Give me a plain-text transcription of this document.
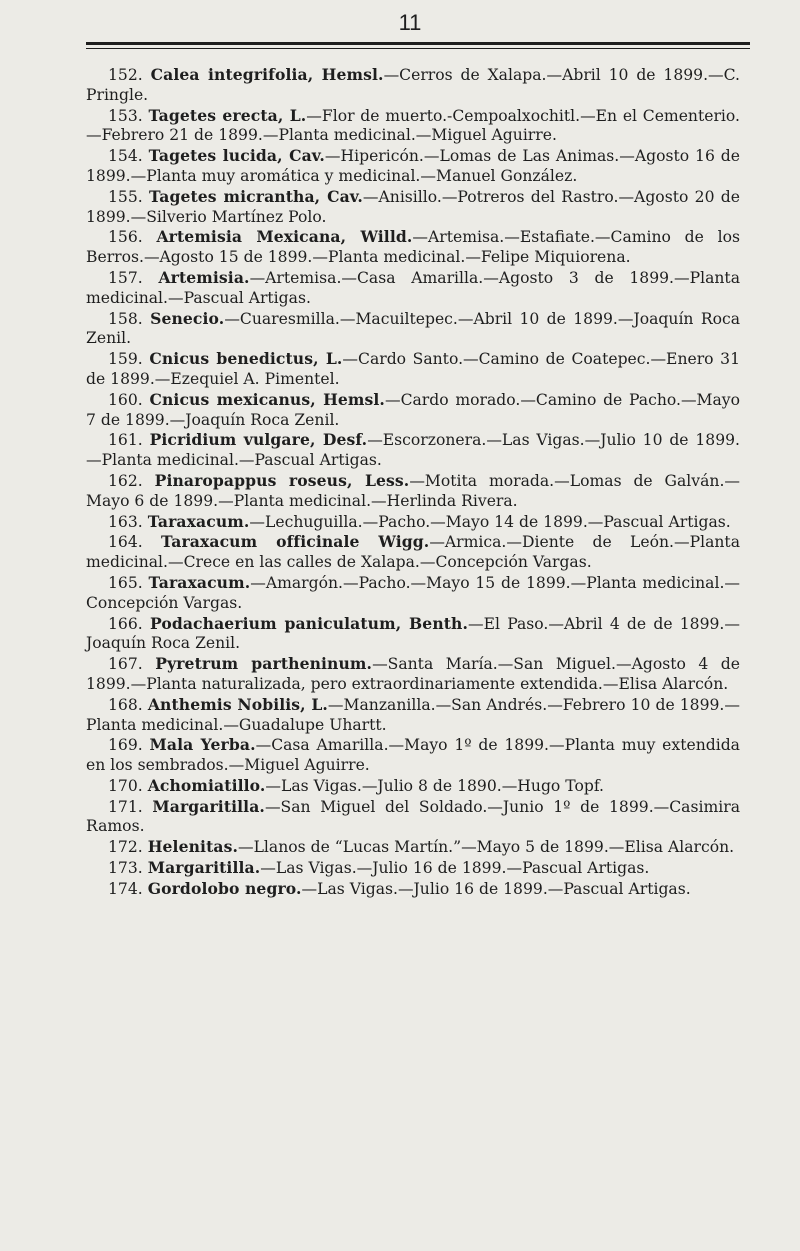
11

152. Calea integrifolia, Hemsl.—Cerros de Xalapa.—Abril 10 de 1899.—C. Pringle.

153. Tagetes erecta, L.—Flor de muerto.-Cempoalxochitl.—En el Cementerio.—Febrero 21 de 1899.—Planta medicinal.—Miguel Aguirre.

154. Tagetes lucida, Cav.—Hipericón.—Lomas de Las Animas.—Agosto 16 de 1899.—Planta muy aromática y medicinal.—Manuel González.

155. Tagetes micrantha, Cav.—Anisillo.—Potreros del Rastro.—Agosto 20 de 1899.—Silverio Martínez Polo.

156. Artemisia Mexicana, Willd.—Artemisa.—Estafiate.—Camino de los Berros.—Agosto 15 de 1899.—Planta medicinal.—Felipe Miquiorena.

157. Artemisia.—Artemisa.—Casa Amarilla.—Agosto 3 de 1899.—Planta medicinal.—Pascual Artigas.

158. Senecio.—Cuaresmilla.—Macuiltepec.—Abril 10 de 1899.—Joaquín Roca Zenil.

159. Cnicus benedictus, L.—Cardo Santo.—Camino de Coatepec.—Enero 31 de 1899.—Ezequiel A. Pimentel.

160. Cnicus mexicanus, Hemsl.—Cardo morado.—Camino de Pacho.—Mayo 7 de 1899.—Joaquín Roca Zenil.

161. Picridium vulgare, Desf.—Escorzonera.—Las Vigas.—Julio 10 de 1899.—Planta medicinal.—Pascual Artigas.

162. Pinaropappus roseus, Less.—Motita morada.—Lomas de Galván.—Mayo 6 de 1899.—Planta medicinal.—Herlinda Rivera.

163. Taraxacum.—Lechuguilla.—Pacho.—Mayo 14 de 1899.—Pascual Artigas.

164. Taraxacum officinale Wigg.—Armica.—Diente de León.—Planta medicinal.—Crece en las calles de Xalapa.—Concepción Vargas.

165. Taraxacum.—Amargón.—Pacho.—Mayo 15 de 1899.—Planta medicinal.—Concepción Vargas.

166. Podachaerium paniculatum, Benth.—El Paso.—Abril 4 de de 1899.—Joaquín Roca Zenil.

167. Pyretrum partheninum.—Santa María.—San Miguel.—Agosto 4 de 1899.—Planta naturalizada, pero extraordinariamente extendida.—Elisa Alarcón.

168. Anthemis Nobilis, L.—Manzanilla.—San Andrés.—Febrero 10 de 1899.—Planta medicinal.—Guadalupe Uhartt.

169. Mala Yerba.—Casa Amarilla.—Mayo 1º de 1899.—Planta muy extendida en los sembrados.—Miguel Aguirre.

170. Achomiatillo.—Las Vigas.—Julio 8 de 1890.—Hugo Topf.

171. Margaritilla.—San Miguel del Soldado.—Junio 1º de 1899.—Casimira Ramos.

172. Helenitas.—Llanos de “Lucas Martín.”—Mayo 5 de 1899.—Elisa Alarcón.

173. Margaritilla.—Las Vigas.—Julio 16 de 1899.—Pascual Artigas.

174. Gordolobo negro.—Las Vigas.—Julio 16 de 1899.—Pascual Artigas.
